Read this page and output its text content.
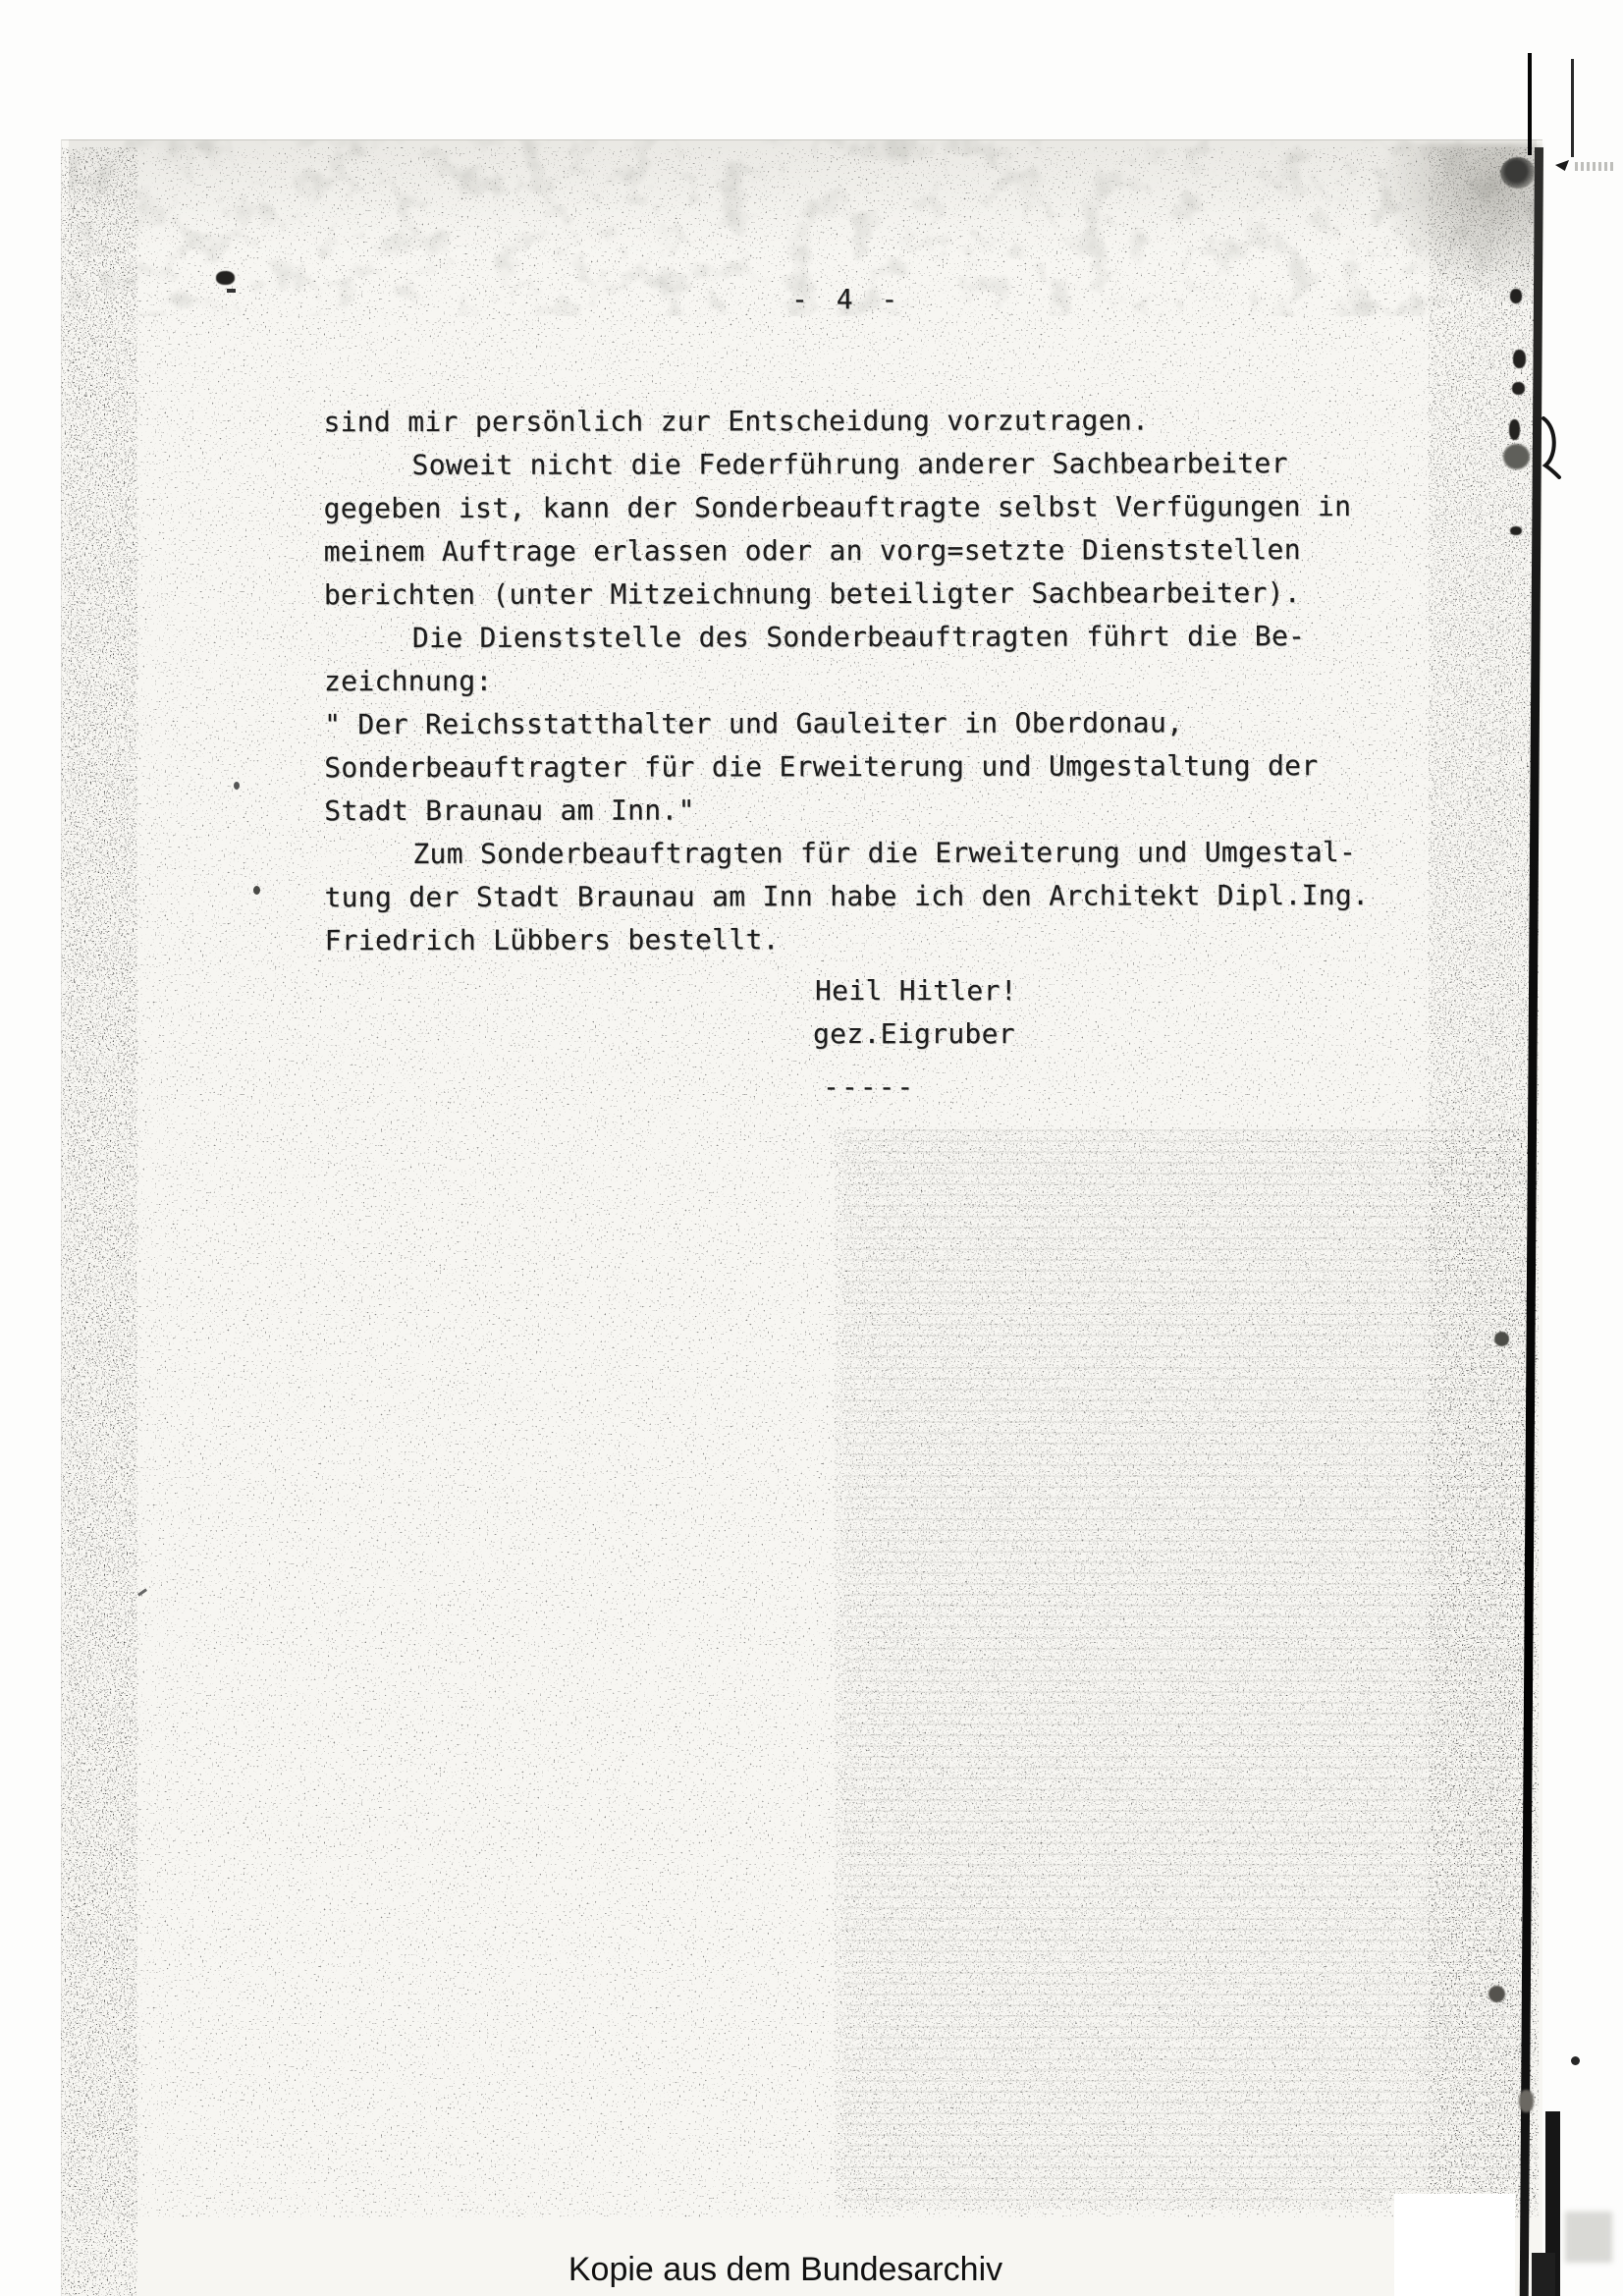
- 4 -
sind mir persönlich zur Entscheidung vorzutragen.
Soweit nicht die Federführung anderer Sachbearbeiter
gegeben ist, kann der Sonderbeauftragte selbst Verfügungen in
meinem Auftrage erlassen oder an vorg=setzte Dienststellen
berichten (unter Mitzeichnung beteiligter Sachbearbeiter).
Die Dienststelle des Sonderbeauftragten führt die Be-
zeichnung:
" Der Reichsstatthalter und Gauleiter in Oberdonau,
Sonderbeauftragter für die Erweiterung und Umgestaltung der
Stadt Braunau am Inn."
Zum Sonderbeauftragten für die Erweiterung und Umgestal-
tung der Stadt Braunau am Inn habe ich den Architekt Dipl.Ing.
Friedrich Lübbers bestellt.
Heil Hitler!
gez.Eigruber
-----
Kopie aus dem Bundesarchiv
